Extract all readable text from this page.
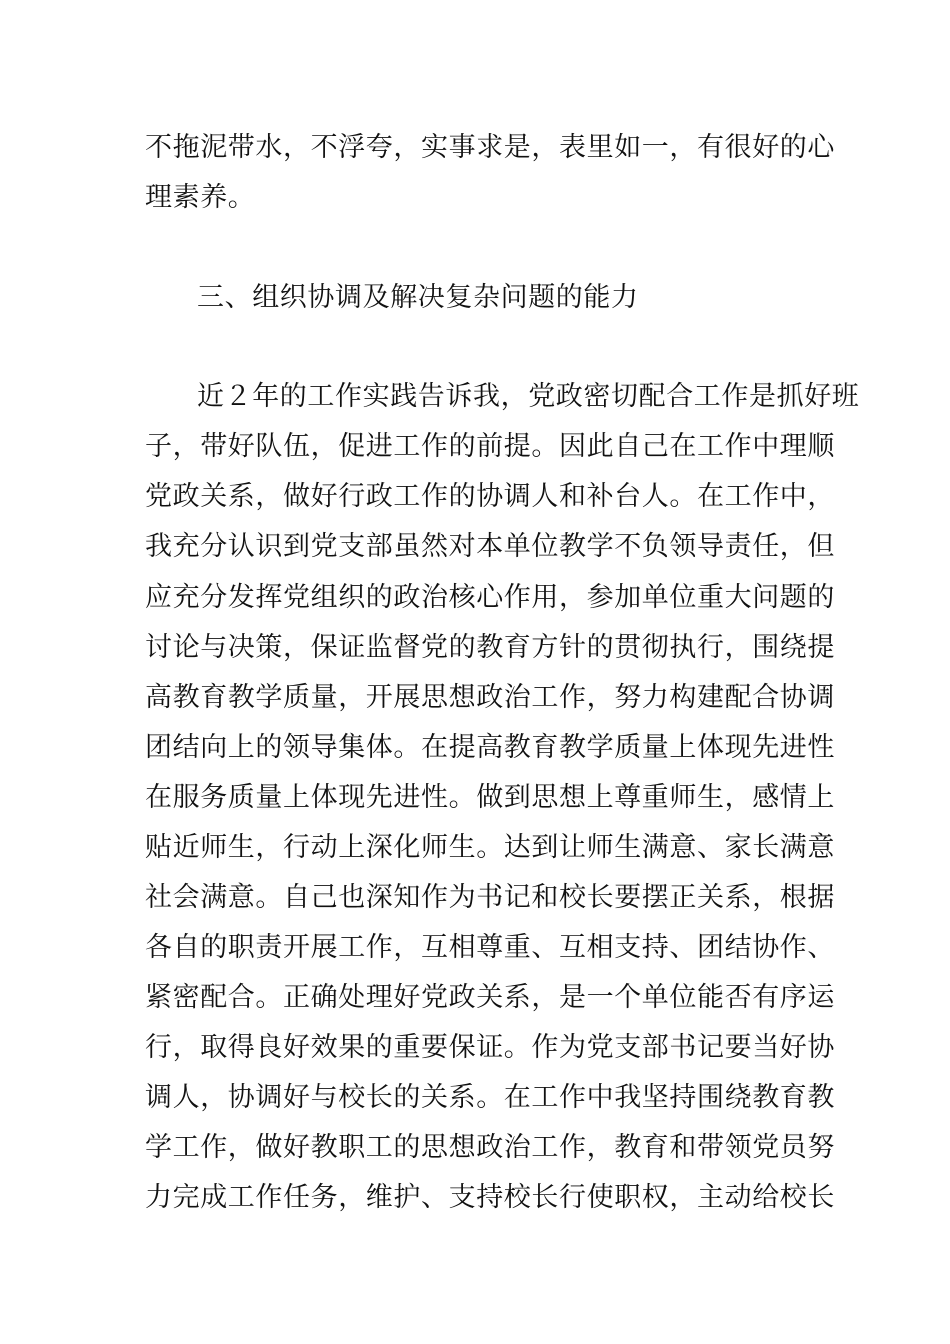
不拖泥带水，不浮夸，实事求是，表里如一，有很好的心
理素养。
三、组织协调及解决复杂问题的能力
近２年的工作实践告诉我，党政密切配合工作是抓好班
子，带好队伍，促进工作的前提。因此自己在工作中理顺
党政关系，做好行政工作的协调人和补台人。在工作中，
我充分认识到党支部虽然对本单位教学不负领导责任，但
应充分发挥党组织的政治核心作用，参加单位重大问题的
讨论与决策，保证监督党的教育方针的贯彻执行，围绕提
高教育教学质量，开展思想政治工作，努力构建配合协调
团结向上的领导集体。在提高教育教学质量上体现先进性
在服务质量上体现先进性。做到思想上尊重师生，感情上
贴近师生，行动上深化师生。达到让师生满意、家长满意
社会满意。自己也深知作为书记和校长要摆正关系，根据
各自的职责开展工作，互相尊重、互相支持、团结协作、
紧密配合。正确处理好党政关系，是一个单位能否有序运
行，取得良好效果的重要保证。作为党支部书记要当好协
调人，协调好与校长的关系。在工作中我坚持围绕教育教
学工作，做好教职工的思想政治工作，教育和带领党员努
力完成工作任务，维护、支持校长行使职权，主动给校长
